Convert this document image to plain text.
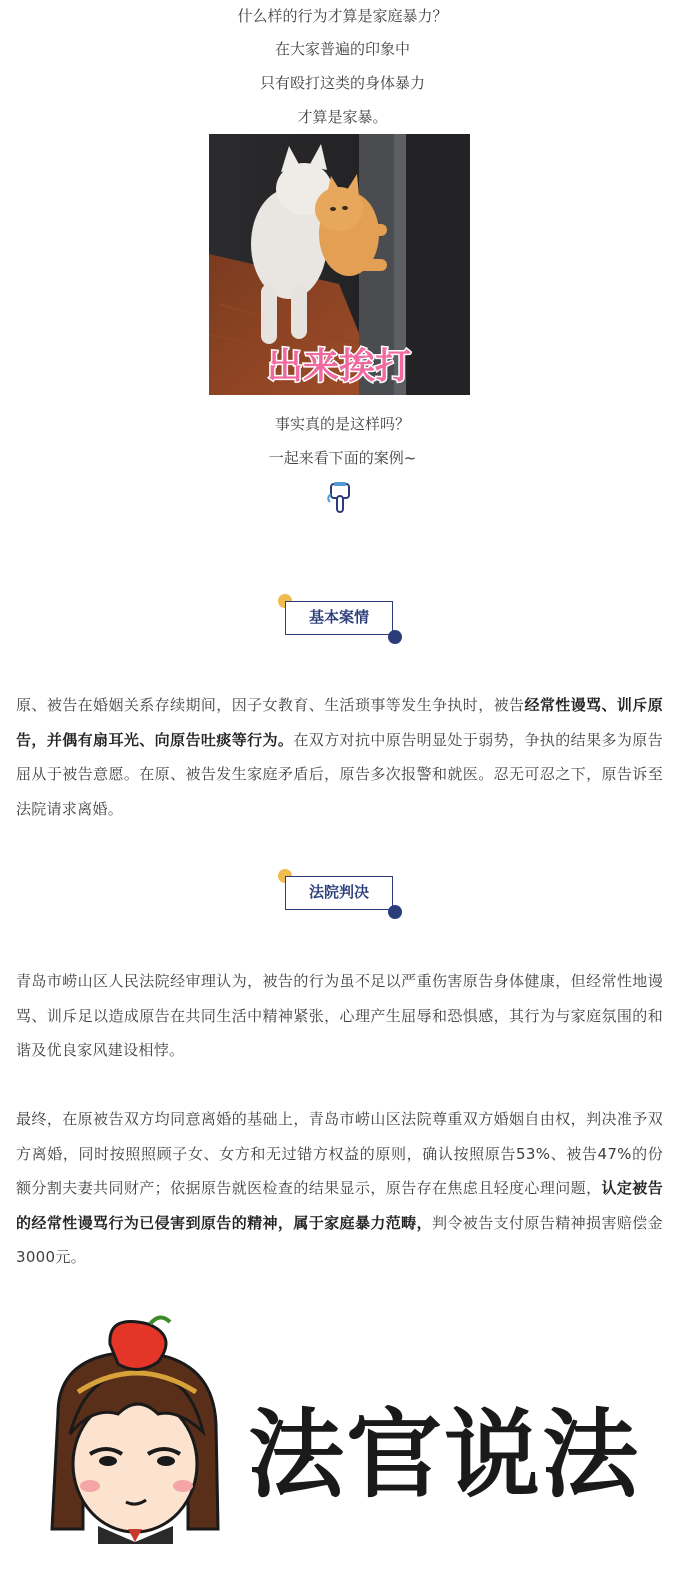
什么样的行为才算是家庭暴力？
在大家普遍的印象中
只有殴打这类的身体暴力
才算是家暴。
出来挨打
事实真的是这样吗？
一起来看下面的案例~
基本案情
原、被告在婚姻关系存续期间，因子女教育、生活琐事等发生争执时，被告经常性谩骂、训斥原告，并偶有扇耳光、向原告吐痰等行为。在双方对抗中原告明显处于弱势，争执的结果多为原告屈从于被告意愿。在原、被告发生家庭矛盾后，原告多次报警和就医。忍无可忍之下，原告诉至法院请求离婚。
法院判决
青岛市崂山区人民法院经审理认为，被告的行为虽不足以严重伤害原告身体健康，但经常性地谩骂、训斥足以造成原告在共同生活中精神紧张，心理产生屈辱和恐惧感，其行为与家庭氛围的和谐及优良家风建设相悖。
最终，在原被告双方均同意离婚的基础上，青岛市崂山区法院尊重双方婚姻自由权，判决准予双方离婚，同时按照照顾子女、女方和无过错方权益的原则，确认按照原告53%、被告47%的份额分割夫妻共同财产；依据原告就医检查的结果显示，原告存在焦虑且轻度心理问题，认定被告的经常性谩骂行为已侵害到原告的精神，属于家庭暴力范畴，判令被告支付原告精神损害赔偿金3000元。
法官说法
